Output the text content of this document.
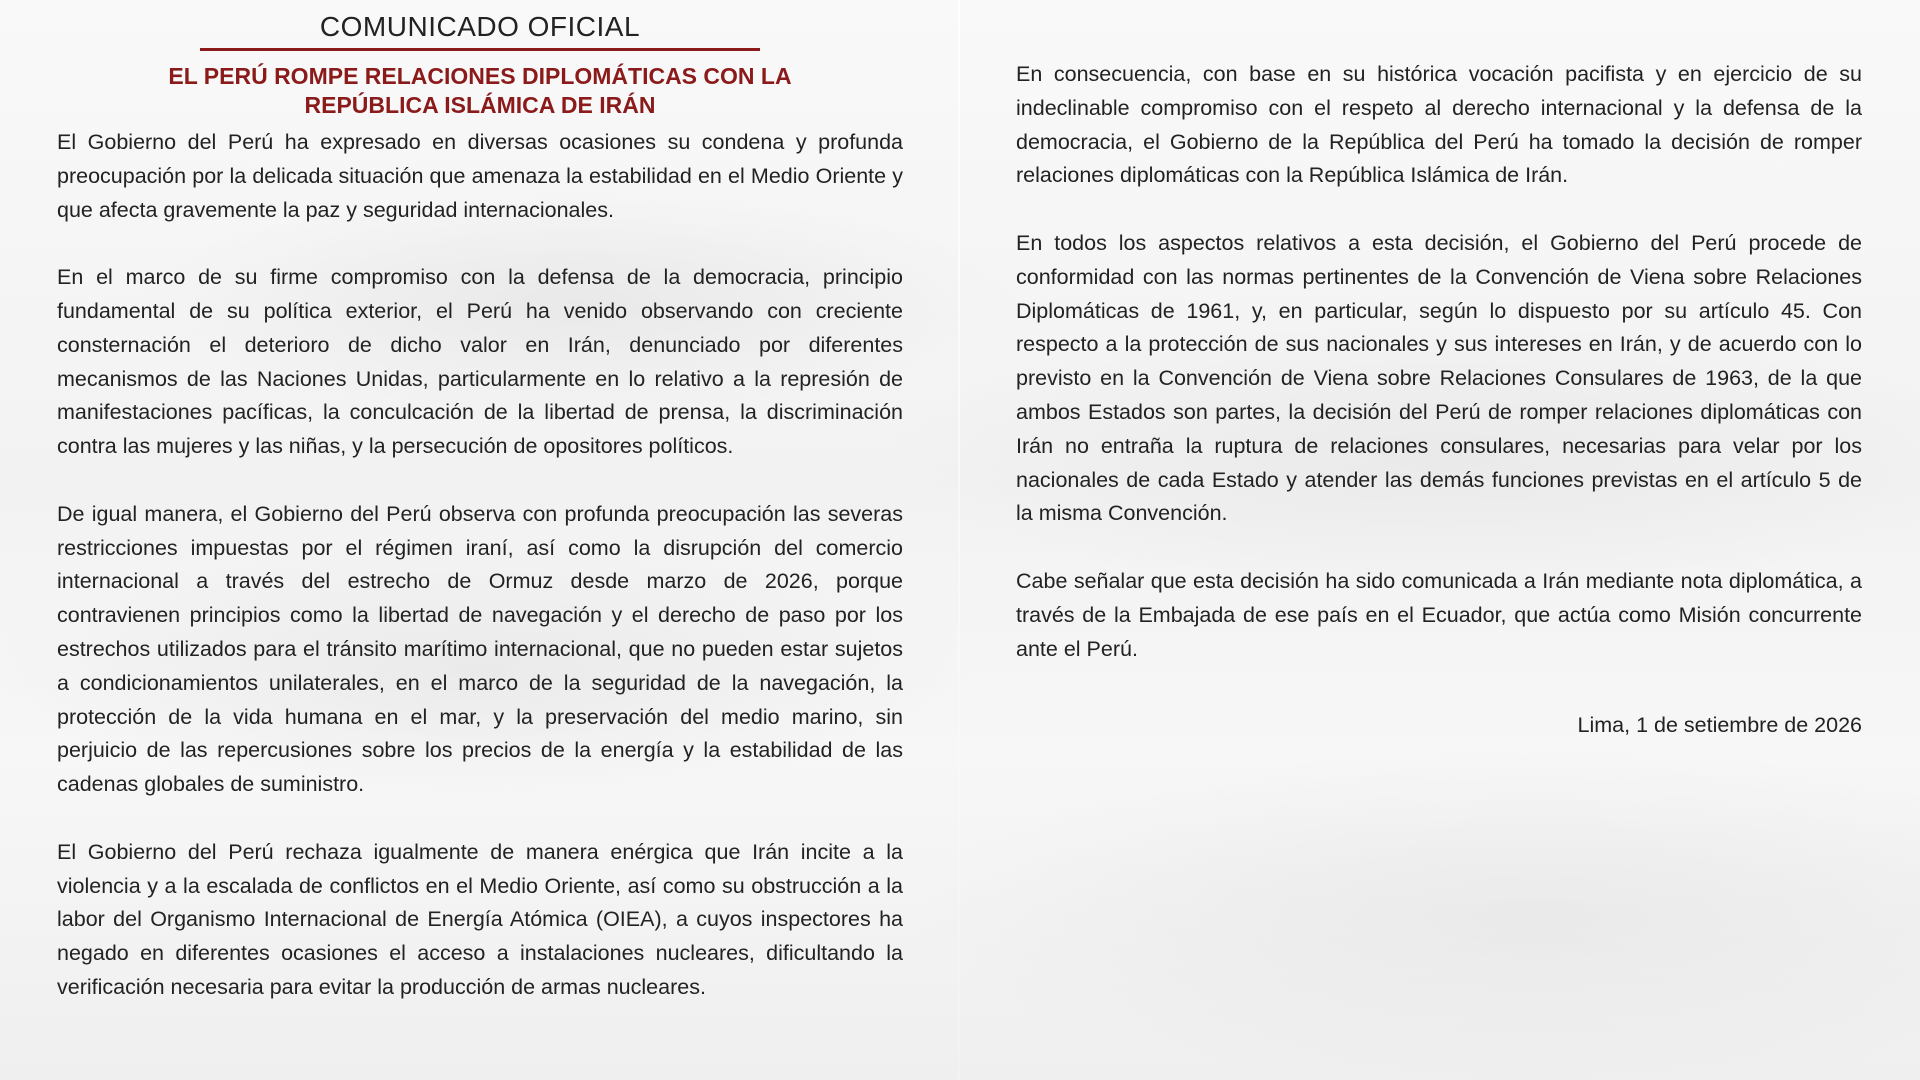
COMUNICADO OFICIAL
EL PERÚ ROMPE RELACIONES DIPLOMÁTICAS CON LA
REPÚBLICA ISLÁMICA DE IRÁN

El Gobierno del Perú ha expresado en diversas ocasiones su condena y profunda preocupación por la delicada situación que amenaza la estabilidad en el Medio Oriente y que afecta gravemente la paz y seguridad internacionales.

En el marco de su firme compromiso con la defensa de la democracia, principio fundamental de su política exterior, el Perú ha venido observando con creciente consternación el deterioro de dicho valor en Irán, denunciado por diferentes mecanismos de las Naciones Unidas, particularmente en lo relativo a la represión de manifestaciones pacíficas, la conculcación de la libertad de prensa, la discriminación contra las mujeres y las niñas, y la persecución de opositores políticos.

De igual manera, el Gobierno del Perú observa con profunda preocupación las severas restricciones impuestas por el régimen iraní, así como la disrupción del comercio internacional a través del estrecho de Ormuz desde marzo de 2026, porque contravienen principios como la libertad de navegación y el derecho de paso por los estrechos utilizados para el tránsito marítimo internacional, que no pueden estar sujetos a condicionamientos unilaterales, en el marco de la seguridad de la navegación, la protección de la vida humana en el mar, y la preservación del medio marino, sin perjuicio de las repercusiones sobre los precios de la energía y la estabilidad de las cadenas globales de suministro.

El Gobierno del Perú rechaza igualmente de manera enérgica que Irán incite a la violencia y a la escalada de conflictos en el Medio Oriente, así como su obstrucción a la labor del Organismo Internacional de Energía Atómica (OIEA), a cuyos inspectores ha negado en diferentes ocasiones el acceso a instalaciones nucleares, dificultando la verificación necesaria para evitar la producción de armas nucleares.

En consecuencia, con base en su histórica vocación pacifista y en ejercicio de su indeclinable compromiso con el respeto al derecho internacional y la defensa de la democracia, el Gobierno de la República del Perú ha tomado la decisión de romper relaciones diplomáticas con la República Islámica de Irán.

En todos los aspectos relativos a esta decisión, el Gobierno del Perú procede de conformidad con las normas pertinentes de la Convención de Viena sobre Relaciones Diplomáticas de 1961, y, en particular, según lo dispuesto por su artículo 45. Con respecto a la protección de sus nacionales y sus intereses en Irán, y de acuerdo con lo previsto en la Convención de Viena sobre Relaciones Consulares de 1963, de la que ambos Estados son partes, la decisión del Perú de romper relaciones diplomáticas con Irán no entraña la ruptura de relaciones consulares, necesarias para velar por los nacionales de cada Estado y atender las demás funciones previstas en el artículo 5 de la misma Convención.

Cabe señalar que esta decisión ha sido comunicada a Irán mediante nota diplomática, a través de la Embajada de ese país en el Ecuador, que actúa como Misión concurrente ante el Perú.

Lima, 1 de setiembre de 2026
